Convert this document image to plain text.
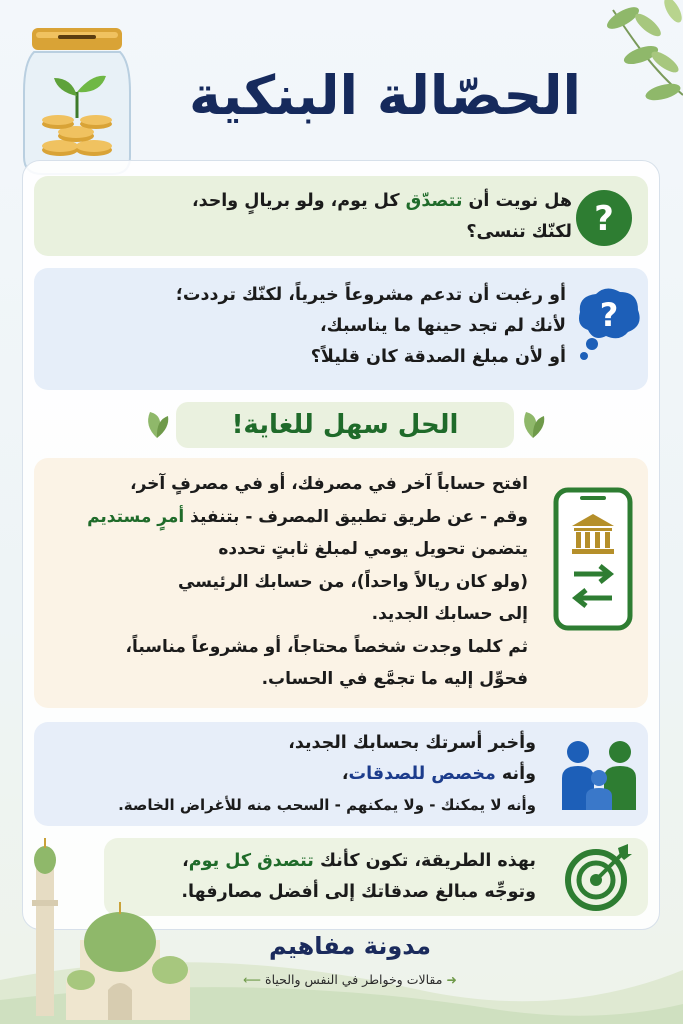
الحصّالة البنكية
هل نويت أن تتصدّق كل يوم، ولو بريالٍ واحد،
لكنّك تنسى؟ ?
أو رغبت أن تدعم مشروعاً خيرياً، لكنّك ترددت؛
لأنك لم تجد حينها ما يناسبك،
أو لأن مبلغ الصدقة كان قليلاً؟
?
الحل سهل للغاية!
افتح حساباً آخر في مصرفك، أو في مصرفٍ آخر،
وقم - عن طريق تطبيق المصرف - بتنفيذ أمرٍ مستديم
يتضمن تحويل يومي لمبلغ ثابتٍ تحدده
(ولو كان ريالاً واحداً)، من حسابك الرئيسي
إلى حسابك الجديد.
ثم كلما وجدت شخصاً محتاجاً، أو مشروعاً مناسباً،
فحوِّل إليه ما تجمَّع في الحساب.
وأخبر أسرتك بحسابك الجديد،
وأنه مخصص للصدقات،
وأنه لا يمكنك - ولا يمكنهم - السحب منه للأغراض الخاصة.
بهذه الطريقة، تكون كأنك تتصدق كل يوم،
وتوجِّه مبالغ صدقاتك إلى أفضل مصارفها.
مدونة مفاهيم
➜ مقالات وخواطر في النفس والحياة ⟵
